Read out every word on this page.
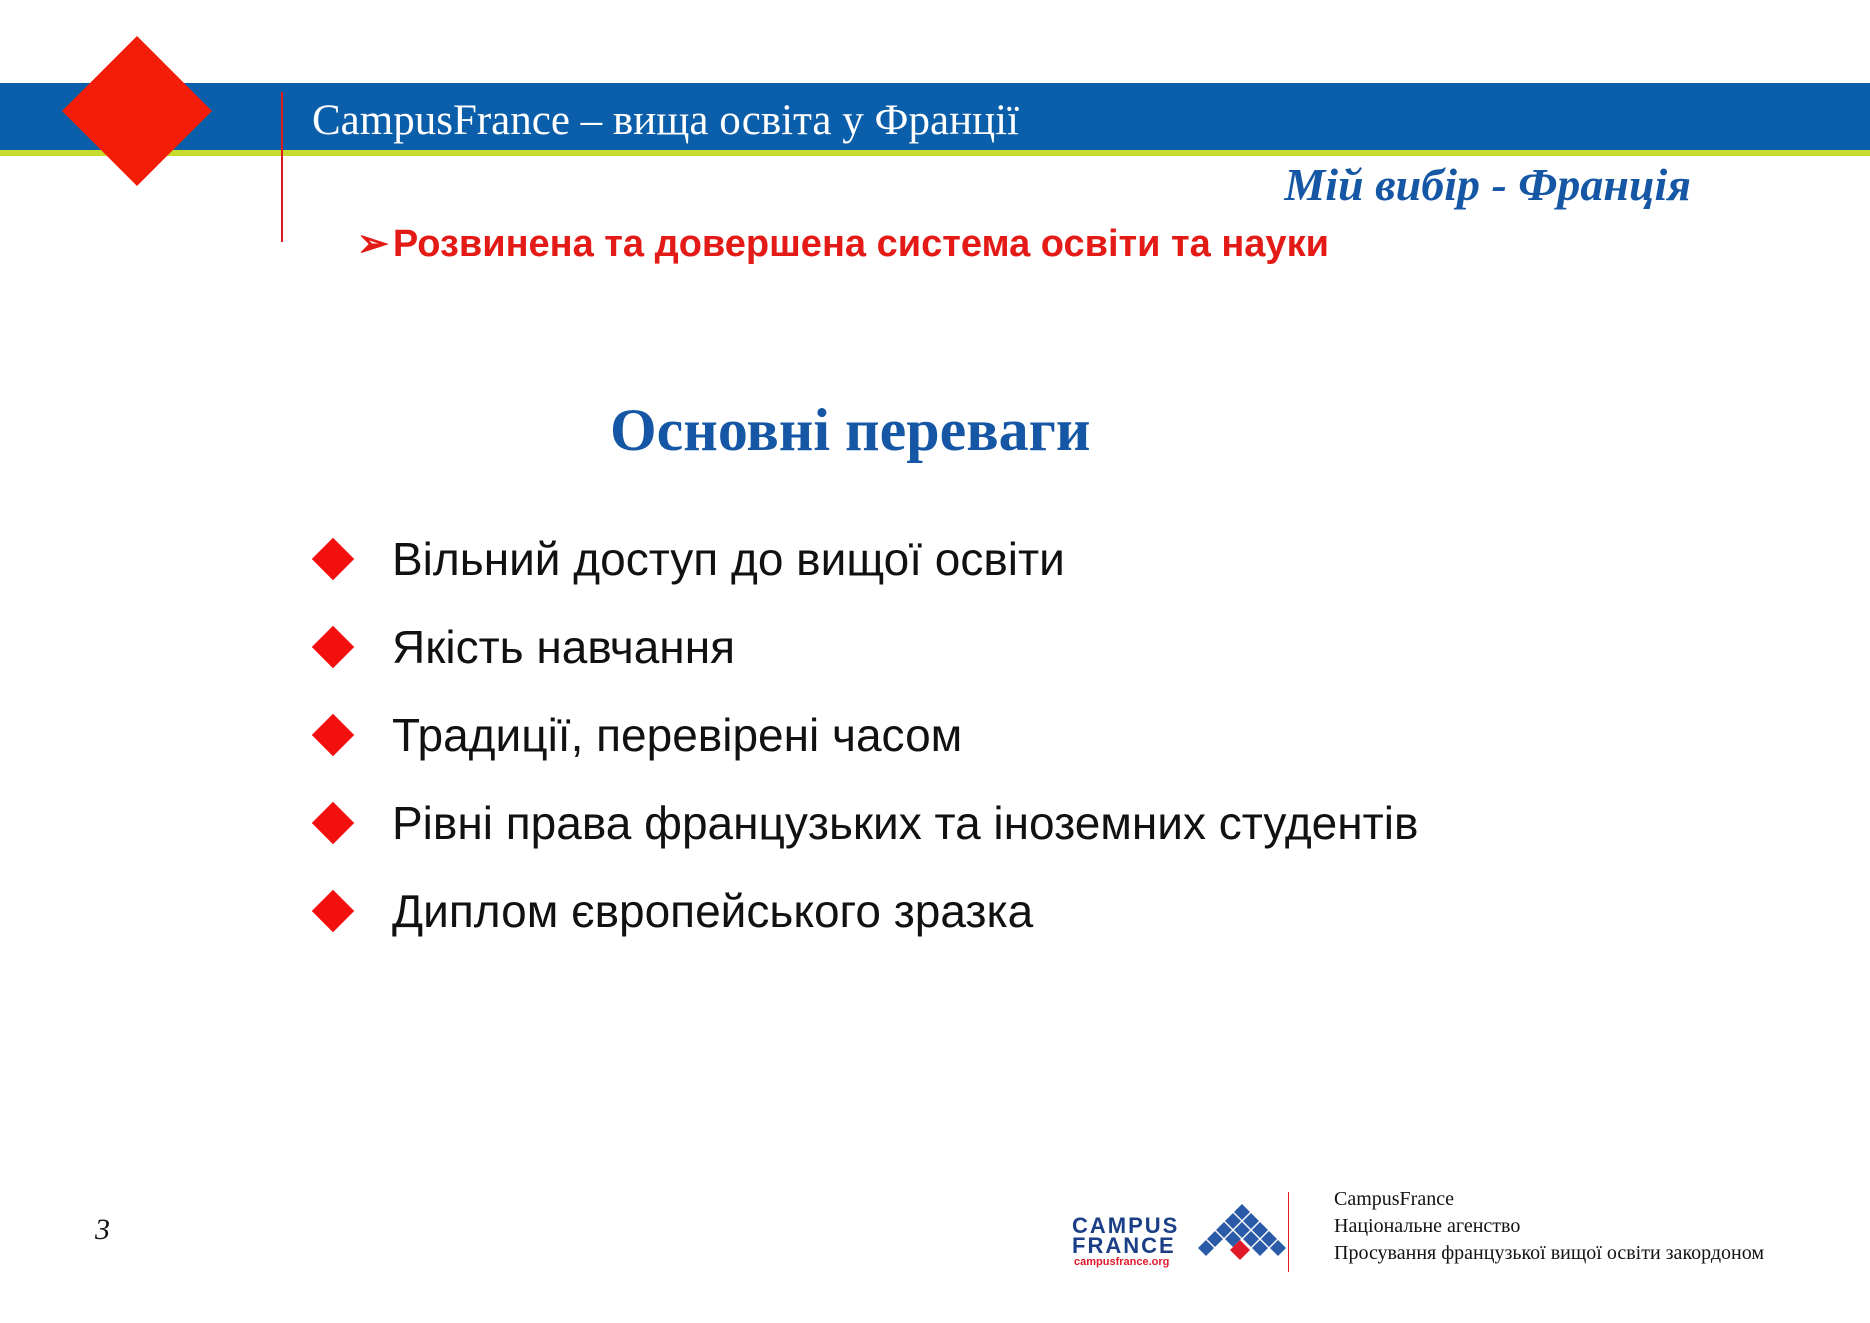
CampusFrance – вища освіта у Франції
Мій вибір - Франція
➢ Розвинена та довершена система освіти та науки
Основні переваги
Вільний доступ до вищої освіти
Якість навчання
Традиції, перевірені часом
Рівні права французьких та іноземних студентів
Диплом європейського зразка
3	CAMPUS
FRANCE
campusfrance.org
CampusFrance
Національне агенство
Просування французької вищої освіти закордоном
